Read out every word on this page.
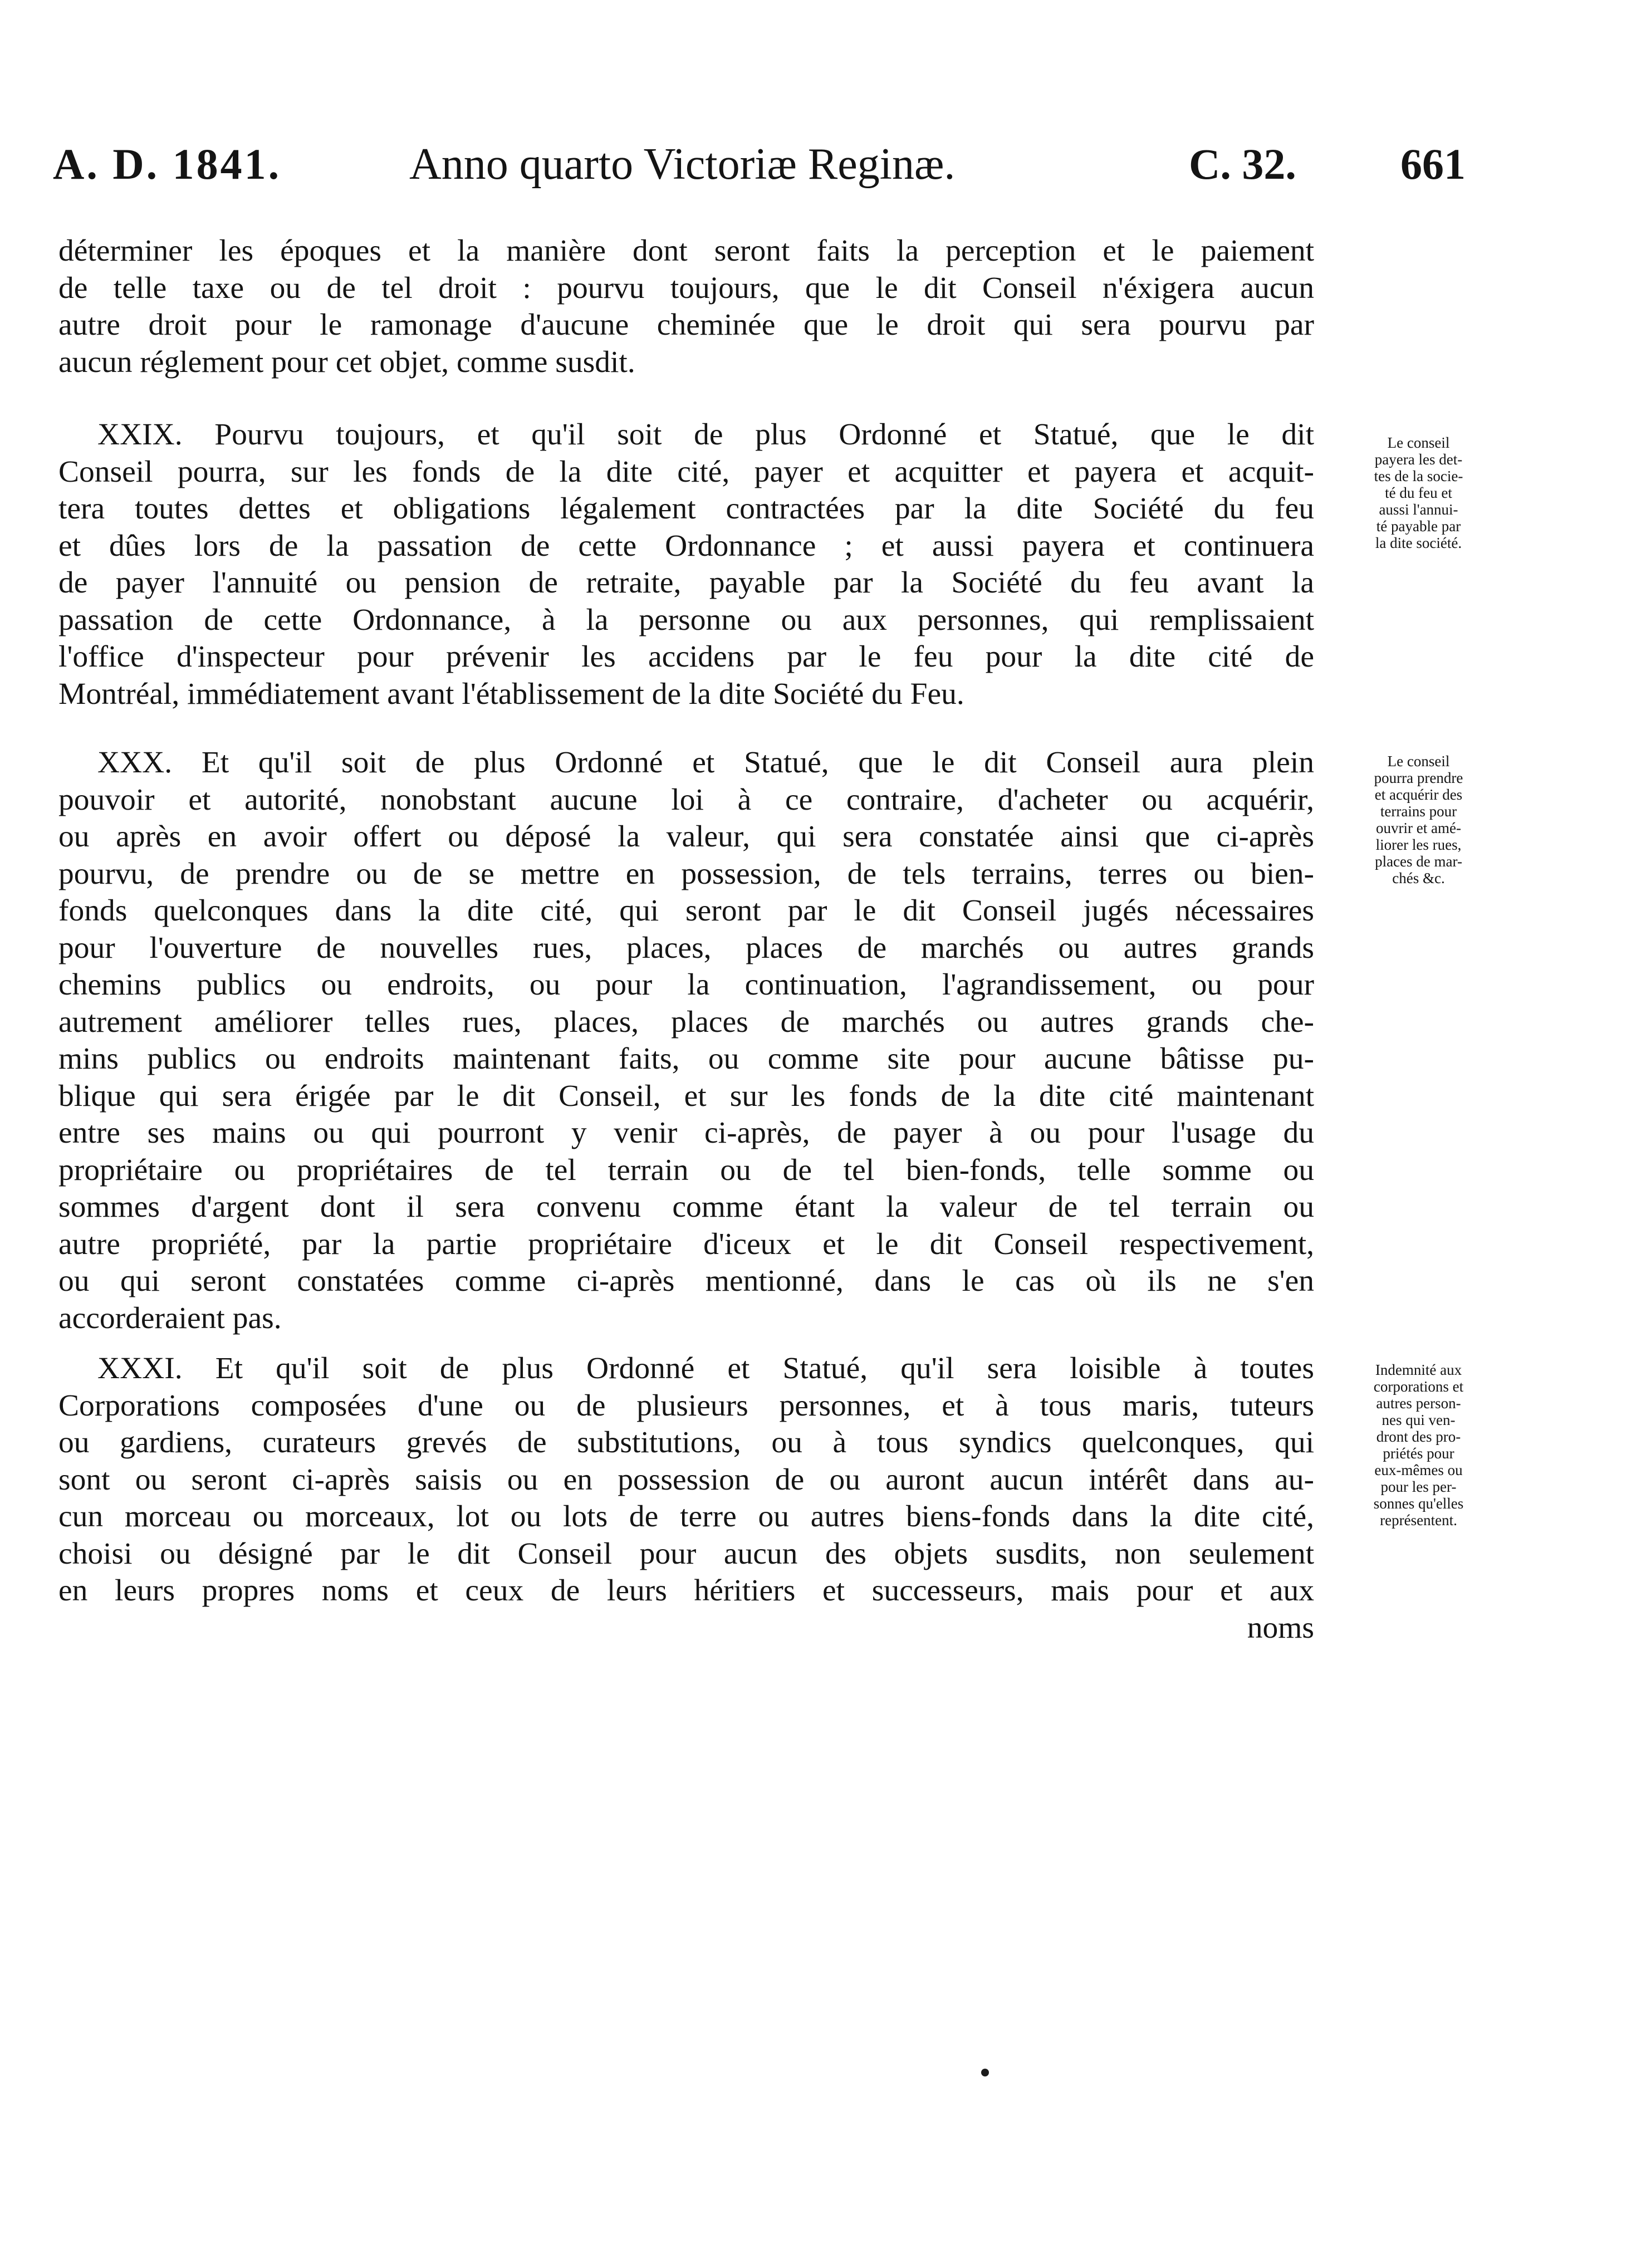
A. D. 1841.	Anno quarto Victoriæ Reginæ.	C. 32. 661
déterminer les époques et la manière dont seront faits la perception et le paiement
de telle taxe ou de tel droit : pourvu toujours, que le dit Conseil n'éxigera aucun
autre droit pour le ramonage d'aucune cheminée que le droit qui sera pourvu par
aucun réglement pour cet objet, comme susdit.
XXIX. Pourvu toujours, et qu'il soit de plus Ordonné et Statué, que le dit
Conseil pourra, sur les fonds de la dite cité, payer et acquitter et payera et acquit-
tera toutes dettes et obligations légalement contractées par la dite Société du feu
et dûes lors de la passation de cette Ordonnance ; et aussi payera et continuera
de payer l'annuité ou pension de retraite, payable par la Société du feu avant la
passation de cette Ordonnance, à la personne ou aux personnes, qui remplissaient
l'office d'inspecteur pour prévenir les accidens par le feu pour la dite cité de
Montréal, immédiatement avant l'établissement de la dite Société du Feu.
Le conseil
payera les det-
tes de la socie-
té du feu et
aussi l'annui-
té payable par
la dite société.
XXX. Et qu'il soit de plus Ordonné et Statué, que le dit Conseil aura plein
pouvoir et autorité, nonobstant aucune loi à ce contraire, d'acheter ou acquérir,
ou après en avoir offert ou déposé la valeur, qui sera constatée ainsi que ci-après
pourvu, de prendre ou de se mettre en possession, de tels terrains, terres ou bien-
fonds quelconques dans la dite cité, qui seront par le dit Conseil jugés nécessaires
pour l'ouverture de nouvelles rues, places, places de marchés ou autres grands
chemins publics ou endroits, ou pour la continuation, l'agrandissement, ou pour
autrement améliorer telles rues, places, places de marchés ou autres grands che-
mins publics ou endroits maintenant faits, ou comme site pour aucune bâtisse pu-
blique qui sera érigée par le dit Conseil, et sur les fonds de la dite cité maintenant
entre ses mains ou qui pourront y venir ci-après, de payer à ou pour l'usage du
propriétaire ou propriétaires de tel terrain ou de tel bien-fonds, telle somme ou
sommes d'argent dont il sera convenu comme étant la valeur de tel terrain ou
autre propriété, par la partie propriétaire d'iceux et le dit Conseil respectivement,
ou qui seront constatées comme ci-après mentionné, dans le cas où ils ne s'en
accorderaient pas.
Le conseil
pourra prendre
et acquérir des
terrains pour
ouvrir et amé-
liorer les rues,
places de mar-
chés &c.
XXXI. Et qu'il soit de plus Ordonné et Statué, qu'il sera loisible à toutes
Corporations composées d'une ou de plusieurs personnes, et à tous maris, tuteurs
ou gardiens, curateurs grevés de substitutions, ou à tous syndics quelconques, qui
sont ou seront ci-après saisis ou en possession de ou auront aucun intérêt dans au-
cun morceau ou morceaux, lot ou lots de terre ou autres biens-fonds dans la dite cité,
choisi ou désigné par le dit Conseil pour aucun des objets susdits, non seulement
en leurs propres noms et ceux de leurs héritiers et successeurs, mais pour et aux
noms
Indemnité aux
corporations et
autres person-
nes qui ven-
dront des pro-
priétés pour
eux-mêmes ou
pour les per-
sonnes qu'elles
représentent.
